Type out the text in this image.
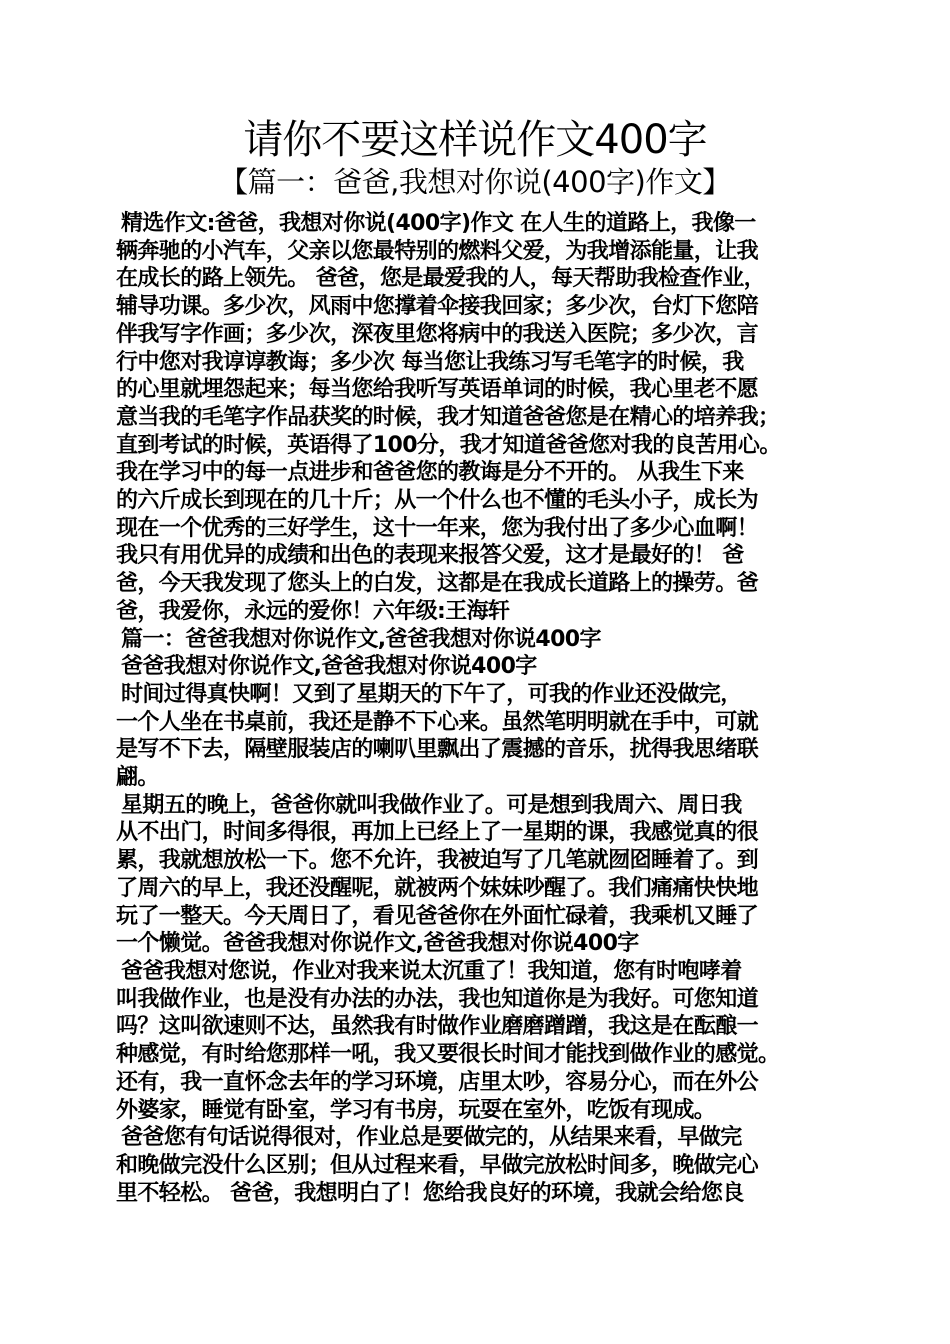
请你不要这样说作文400字
【篇一：爸爸,我想对你说(400字)作文】
精选作文:爸爸，我想对你说(400字)作文 在人生的道路上，我像一
辆奔驰的小汽车，父亲以您最特别的燃料父爱，为我增添能量，让我
在成长的路上领先。 爸爸，您是最爱我的人，每天帮助我检查作业，
辅导功课。多少次，风雨中您撑着伞接我回家；多少次，台灯下您陪
伴我写字作画；多少次，深夜里您将病中的我送入医院；多少次，言
行中您对我谆谆教诲；多少次 每当您让我练习写毛笔字的时候，我
的心里就埋怨起来；每当您给我听写英语单词的时候，我心里老不愿
意当我的毛笔字作品获奖的时候，我才知道爸爸您是在精心的培养我；
直到考试的时候，英语得了100分，我才知道爸爸您对我的良苦用心。
我在学习中的每一点进步和爸爸您的教诲是分不开的。 从我生下来
的六斤成长到现在的几十斤；从一个什么也不懂的毛头小子，成长为
现在一个优秀的三好学生，这十一年来，您为我付出了多少心血啊！
我只有用优异的成绩和出色的表现来报答父爱，这才是最好的！ 爸
爸，今天我发现了您头上的白发，这都是在我成长道路上的操劳。爸
爸，我爱你，永远的爱你！六年级:王海轩
篇一：爸爸我想对你说作文,爸爸我想对你说400字
爸爸我想对你说作文,爸爸我想对你说400字
时间过得真快啊！又到了星期天的下午了，可我的作业还没做完，
一个人坐在书桌前，我还是静不下心来。虽然笔明明就在手中，可就
是写不下去，隔壁服装店的喇叭里飘出了震撼的音乐，扰得我思绪联
翩。
星期五的晚上，爸爸你就叫我做作业了。可是想到我周六、周日我
从不出门，时间多得很，再加上已经上了一星期的课，我感觉真的很
累，我就想放松一下。您不允许，我被迫写了几笔就囫囵睡着了。到
了周六的早上，我还没醒呢，就被两个妹妹吵醒了。我们痛痛快快地
玩了一整天。今天周日了，看见爸爸你在外面忙碌着，我乘机又睡了
一个懒觉。爸爸我想对你说作文,爸爸我想对你说400字
爸爸我想对您说，作业对我来说太沉重了！我知道，您有时咆哮着
叫我做作业，也是没有办法的办法，我也知道你是为我好。可您知道
吗？这叫欲速则不达，虽然我有时做作业磨磨蹭蹭，我这是在酝酿一
种感觉，有时给您那样一吼，我又要很长时间才能找到做作业的感觉。
还有，我一直怀念去年的学习环境，店里太吵，容易分心，而在外公
外婆家，睡觉有卧室，学习有书房，玩耍在室外，吃饭有现成。
爸爸您有句话说得很对，作业总是要做完的，从结果来看，早做完
和晚做完没什么区别；但从过程来看，早做完放松时间多，晚做完心
里不轻松。 爸爸，我想明白了！您给我良好的环境，我就会给您良
